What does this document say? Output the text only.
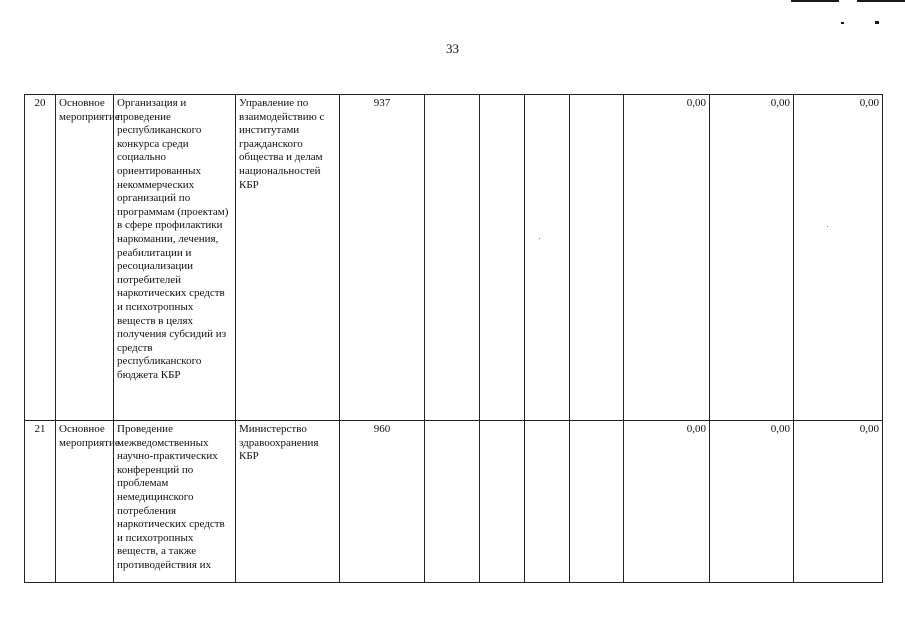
33
20	Основное мероприятие	Организация и проведение республиканского конкурса среди социально ориентированных некоммерческих организаций по программам (проектам) в сфере профилактики наркомании, лечения, реабилитации и ресоциализации потребителей наркотических средств и психотропных веществ в целях получения субсидий из средств республиканского бюджета КБР	Управление по взаимодействию с институтами гражданского общества и делам национальностей КБР	937					0,00	0,00	0,00
21	Основное мероприятие	Проведение межведомственных научно-практических конференций по проблемам немедицинского потребления наркотических средств и психотропных веществ, а также противодействия их	Министерство здравоохранения КБР	960					0,00	0,00	0,00
